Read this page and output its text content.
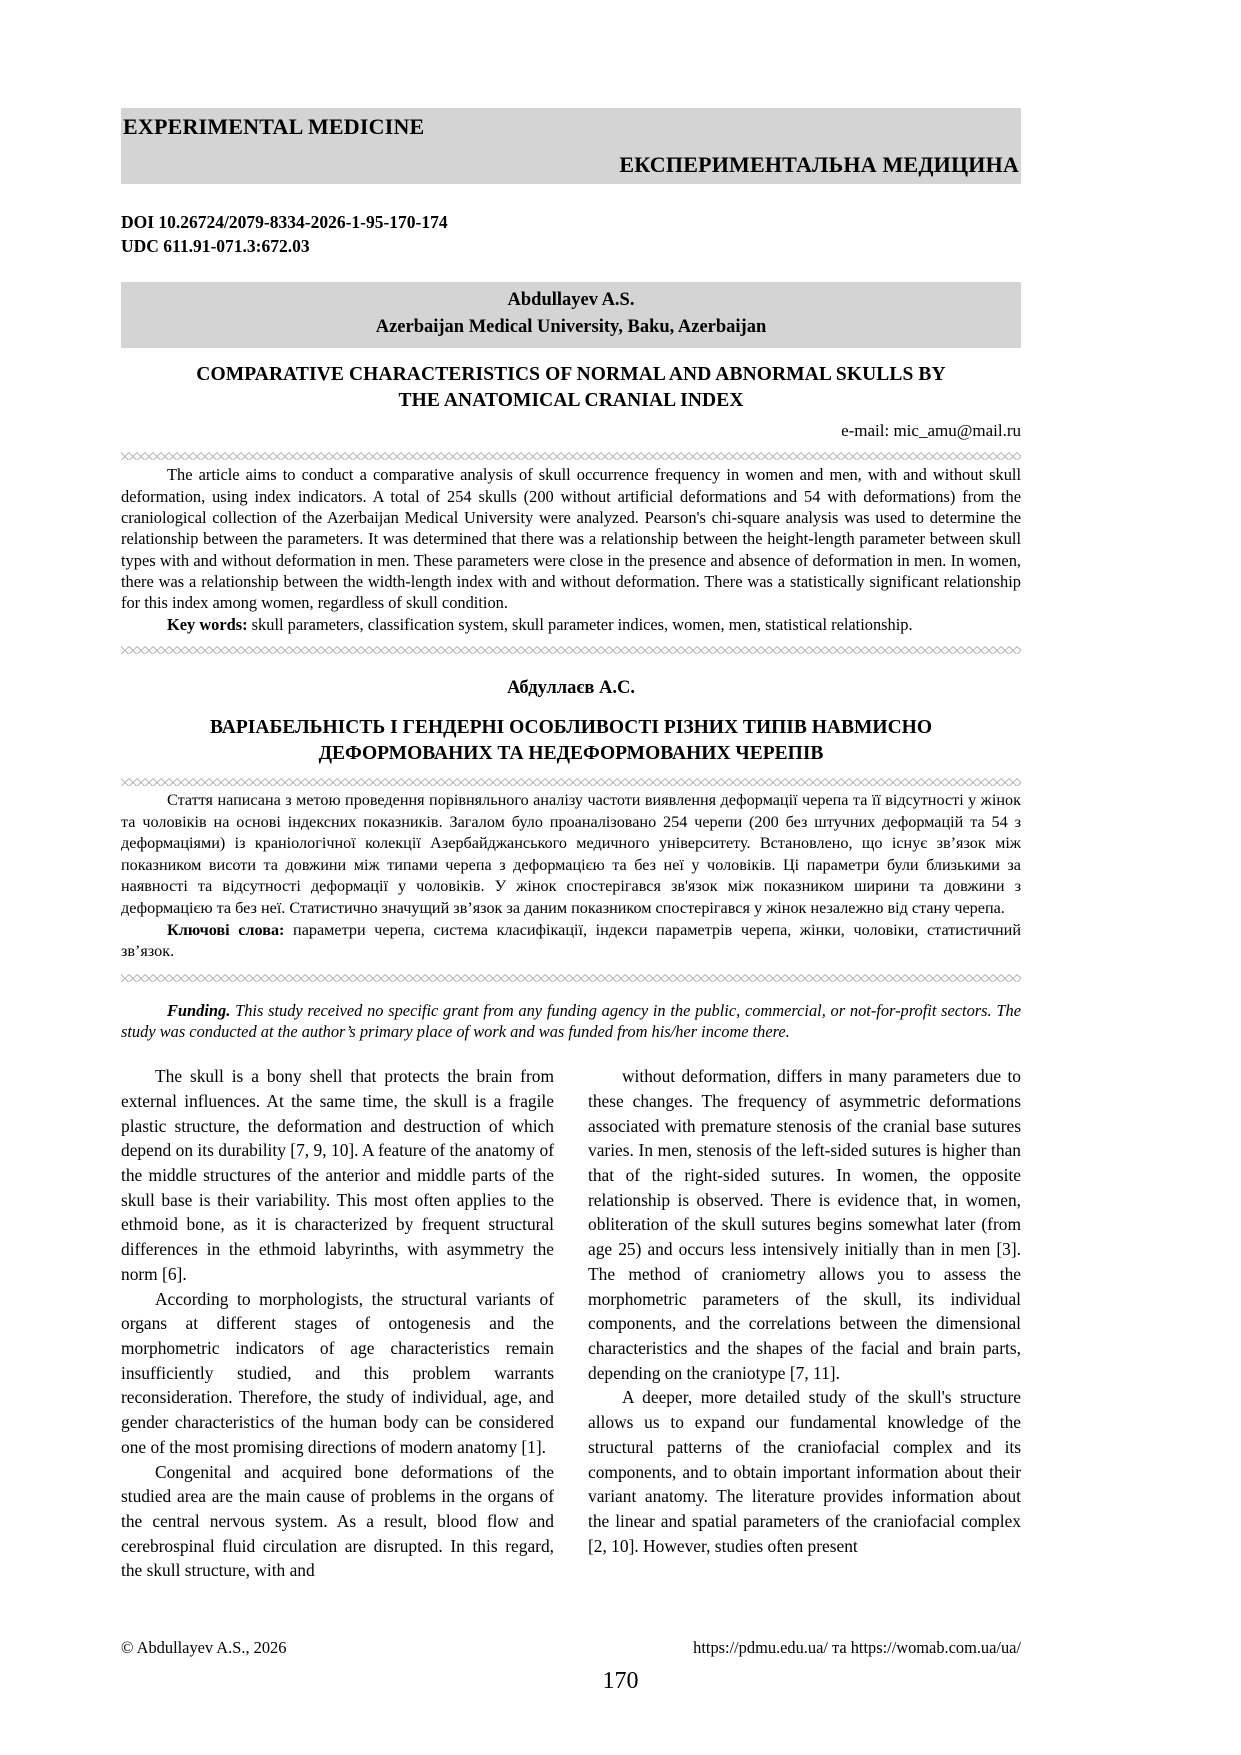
EXPERIMENTAL MEDICINE
ЕКСПЕРИМЕНТАЛЬНА МЕДИЦИНА
DOI 10.26724/2079-8334-2026-1-95-170-174
UDC 611.91-071.3:672.03
Abdullayev A.S.
Azerbaijan Medical University, Baku, Azerbaijan
COMPARATIVE CHARACTERISTICS OF NORMAL AND ABNORMAL SKULLS BY
THE ANATOMICAL CRANIAL INDEX
e-mail: mic_amu@mail.ru

The article aims to conduct a comparative analysis of skull occurrence frequency in women and men, with and without skull deformation, using index indicators. A total of 254 skulls (200 without artificial deformations and 54 with deformations) from the craniological collection of the Azerbaijan Medical University were analyzed. Pearson's chi-square analysis was used to determine the relationship between the parameters. It was determined that there was a relationship between the height-length parameter between skull types with and without deformation in men. These parameters were close in the presence and absence of deformation in men. In women, there was a relationship between the width-length index with and without deformation. There was a statistically significant relationship for this index among women, regardless of skull condition.

Key words: skull parameters, classification system, skull parameter indices, women, men, statistical relationship.

Абдуллаєв А.С.
ВАРІАБЕЛЬНІСТЬ І ГЕНДЕРНІ ОСОБЛИВОСТІ РІЗНИХ ТИПІВ НАВМИСНО
ДЕФОРМОВАНИХ ТА НЕДЕФОРМОВАНИХ ЧЕРЕПІВ

Стаття написана з метою проведення порівняльного аналізу частоти виявлення деформації черепа та її відсутності у жінок та чоловіків на основі індексних показників. Загалом було проаналізовано 254 черепи (200 без штучних деформацій та 54 з деформаціями) із краніологічної колекції Азербайджанського медичного університету. Встановлено, що існує зв’язок між показником висоти та довжини між типами черепа з деформацією та без неї у чоловіків. Ці параметри були близькими за наявності та відсутності деформації у чоловіків. У жінок спостерігався зв'язок між показником ширини та довжини з деформацією та без неї. Статистично значущий зв’язок за даним показником спостерігався у жінок незалежно від стану черепа.

Ключові слова: параметри черепа, система класифікації, індекси параметрів черепа, жінки, чоловіки, статистичний зв’язок.

Funding. This study received no specific grant from any funding agency in the public, commercial, or not-for-profit sectors. The study was conducted at the author’s primary place of work and was funded from his/her income there.

The skull is a bony shell that protects the brain from external influences. At the same time, the skull is a fragile plastic structure, the deformation and destruction of which depend on its durability [7, 9, 10]. A feature of the anatomy of the middle structures of the anterior and middle parts of the skull base is their variability. This most often applies to the ethmoid bone, as it is characterized by frequent structural differences in the ethmoid labyrinths, with asymmetry the norm [6].

According to morphologists, the structural variants of organs at different stages of ontogenesis and the morphometric indicators of age characteristics remain insufficiently studied, and this problem warrants reconsideration. Therefore, the study of individual, age, and gender characteristics of the human body can be considered one of the most promising directions of modern anatomy [1].

Congenital and acquired bone deformations of the studied area are the main cause of problems in the organs of the central nervous system. As a result, blood flow and cerebrospinal fluid circulation are disrupted. In this regard, the skull structure, with and

without deformation, differs in many parameters due to these changes. The frequency of asymmetric deformations associated with premature stenosis of the cranial base sutures varies. In men, stenosis of the left-sided sutures is higher than that of the right-sided sutures. In women, the opposite relationship is observed. There is evidence that, in women, obliteration of the skull sutures begins somewhat later (from age 25) and occurs less intensively initially than in men [3]. The method of craniometry allows you to assess the morphometric parameters of the skull, its individual components, and the correlations between the dimensional characteristics and the shapes of the facial and brain parts, depending on the craniotype [7, 11].

A deeper, more detailed study of the skull's structure allows us to expand our fundamental knowledge of the structural patterns of the craniofacial complex and its components, and to obtain important information about their variant anatomy. The literature provides information about the linear and spatial parameters of the craniofacial complex [2, 10]. However, studies often present

© Abdullayev A.S., 2026	https://pdmu.edu.ua/ та https://womab.com.ua/ua/
170
